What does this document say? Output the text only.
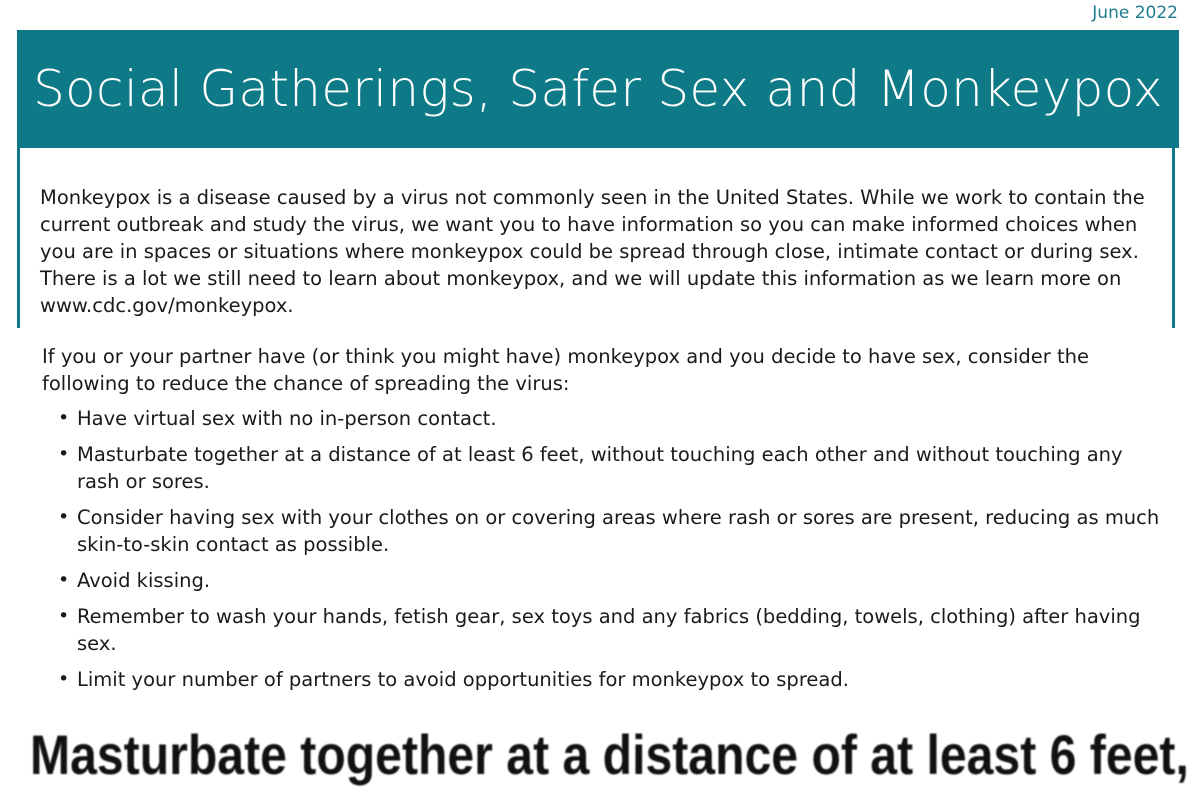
June 2022
Social Gatherings, Safer Sex and Monkeypox

Monkeypox is a disease caused by a virus not commonly seen in the United States. While we work to contain the current outbreak and study the virus, we want you to have information so you can make informed choices when you are in spaces or situations where monkeypox could be spread through close, intimate contact or during sex. There is a lot we still need to learn about monkeypox, and we will update this information as we learn more on www.cdc.gov/monkeypox.

If you or your partner have (or think you might have) monkeypox and you decide to have sex, consider the following to reduce the chance of spreading the virus:

• Have virtual sex with no in-person contact.
• Masturbate together at a distance of at least 6 feet, without touching each other and without touching any rash or sores.
• Consider having sex with your clothes on or covering areas where rash or sores are present, reducing as much skin-to-skin contact as possible.
• Avoid kissing.
• Remember to wash your hands, fetish gear, sex toys and any fabrics (bedding, towels, clothing) after having sex.
• Limit your number of partners to avoid opportunities for monkeypox to spread.
Masturbate together at a distance of at least 6 feet,
